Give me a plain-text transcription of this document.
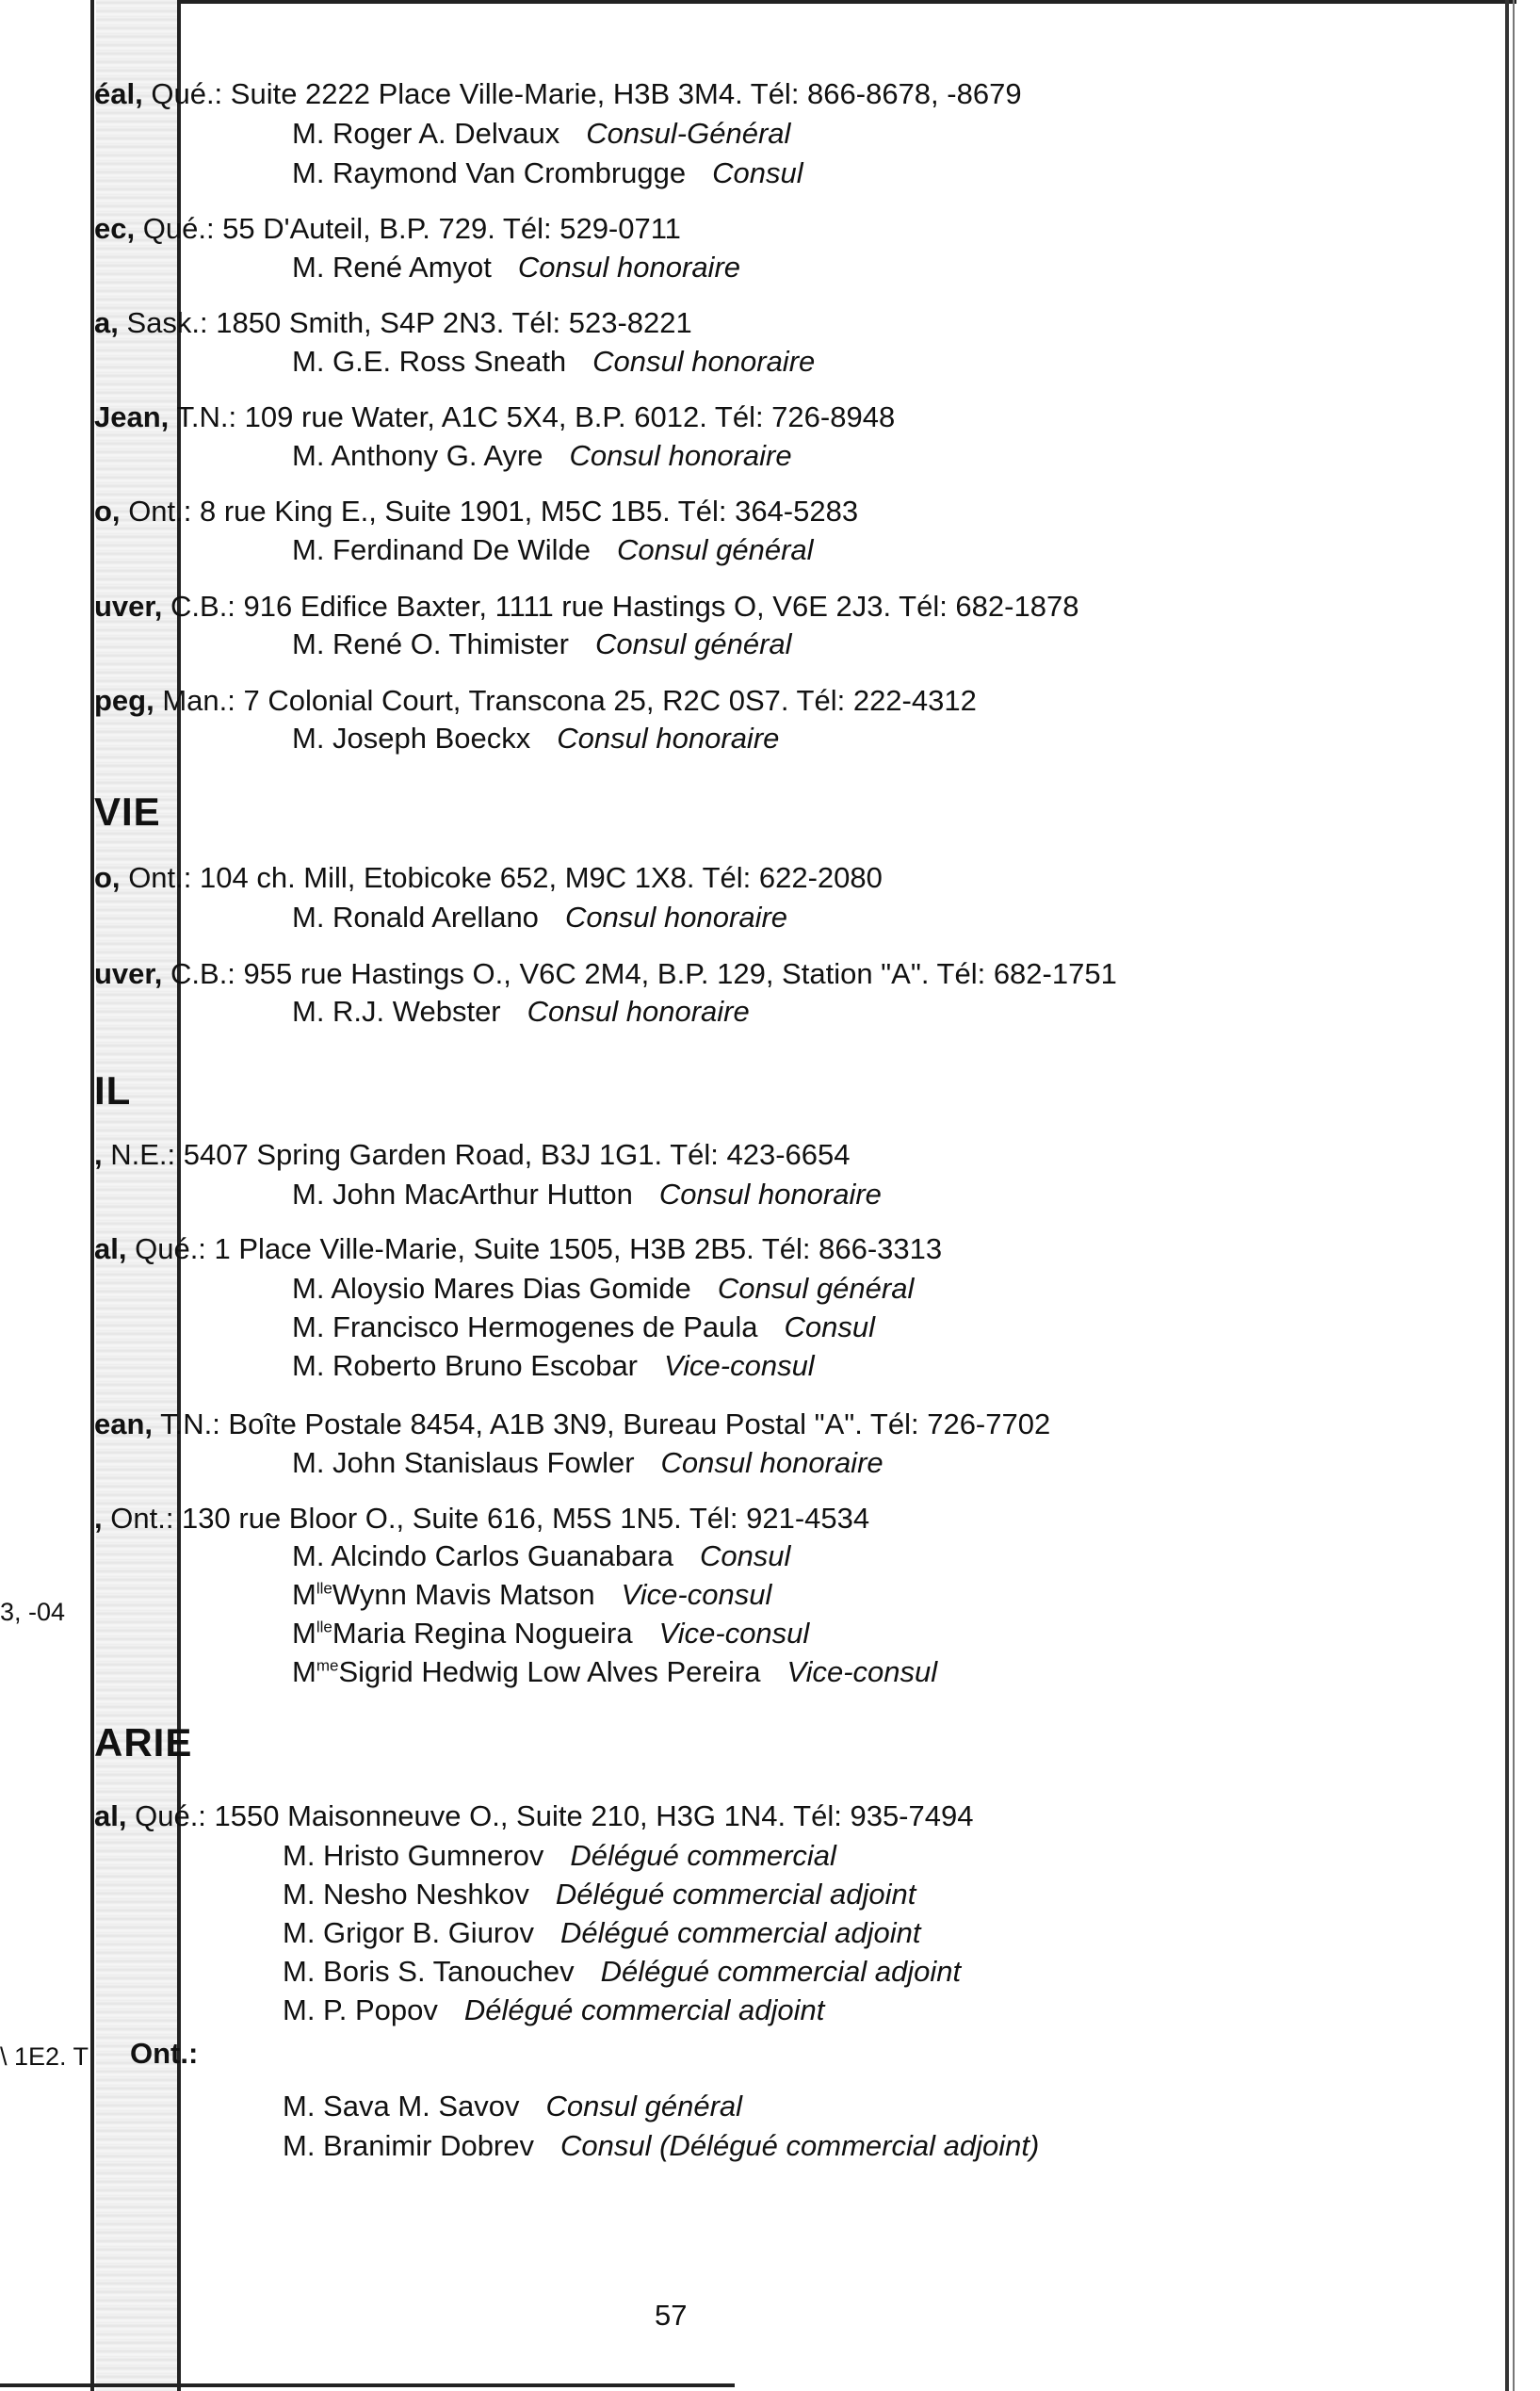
éal, Qué.: Suite 2222 Place Ville-Marie, H3B 3M4. Tél: 866-8678, -8679
M. Roger A. Delvaux Consul-Général
M. Raymond Van Crombrugge Consul
ec, Qué.: 55 D'Auteil, B.P. 729. Tél: 529-0711
M. René Amyot Consul honoraire
a, Sask.: 1850 Smith, S4P 2N3. Tél: 523-8221
M. G.E. Ross Sneath Consul honoraire
Jean, T.N.: 109 rue Water, A1C 5X4, B.P. 6012. Tél: 726-8948
M. Anthony G. Ayre Consul honoraire
o, Ont.: 8 rue King E., Suite 1901, M5C 1B5. Tél: 364-5283
M. Ferdinand De Wilde Consul général
uver, C.B.: 916 Edifice Baxter, 1111 rue Hastings O, V6E 2J3. Tél: 682-1878
M. René O. Thimister Consul général
peg, Man.: 7 Colonial Court, Transcona 25, R2C 0S7. Tél: 222-4312
M. Joseph Boeckx Consul honoraire
VIE
o, Ont.: 104 ch. Mill, Etobicoke 652, M9C 1X8. Tél: 622-2080
M. Ronald Arellano Consul honoraire
uver, C.B.: 955 rue Hastings O., V6C 2M4, B.P. 129, Station "A". Tél: 682-1751
M. R.J. Webster Consul honoraire
IL
, N.E.: 5407 Spring Garden Road, B3J 1G1. Tél: 423-6654
M. John MacArthur Hutton Consul honoraire
al, Qué.: 1 Place Ville-Marie, Suite 1505, H3B 2B5. Tél: 866-3313
M. Aloysio Mares Dias Gomide Consul général
M. Francisco Hermogenes de Paula Consul
M. Roberto Bruno Escobar Vice-consul
ean, T.N.: Boîte Postale 8454, A1B 3N9, Bureau Postal "A". Tél: 726-7702
M. John Stanislaus Fowler Consul honoraire
, Ont.: 130 rue Bloor O., Suite 616, M5S 1N5. Tél: 921-4534
M. Alcindo Carlos Guanabara Consul
$M^{lle}Wynn$ Mavis Matson Vice-consul
$M^{lle}Maria$ Regina Nogueira Vice-consul
$M^{me}Sigrid$ Hedwig Low Alves Pereira Vice-consul
ARIE
al, Qué.: 1550 Maisonneuve O., Suite 210, H3G 1N4. Tél: 935-7494
M. Hristo Gumnerov Délégué commercial
M. Nesho Neshkov Délégué commercial adjoint
M. Grigor B. Giurov Délégué commercial adjoint
M. Boris S. Tanouchev Délégué commercial adjoint
M. P. Popov Délégué commercial adjoint
Ont.:
M. Sava M. Savov Consul général
M. Branimir Dobrev Consul (Délégué commercial adjoint)
3, -04
\ 1E2. T
57
